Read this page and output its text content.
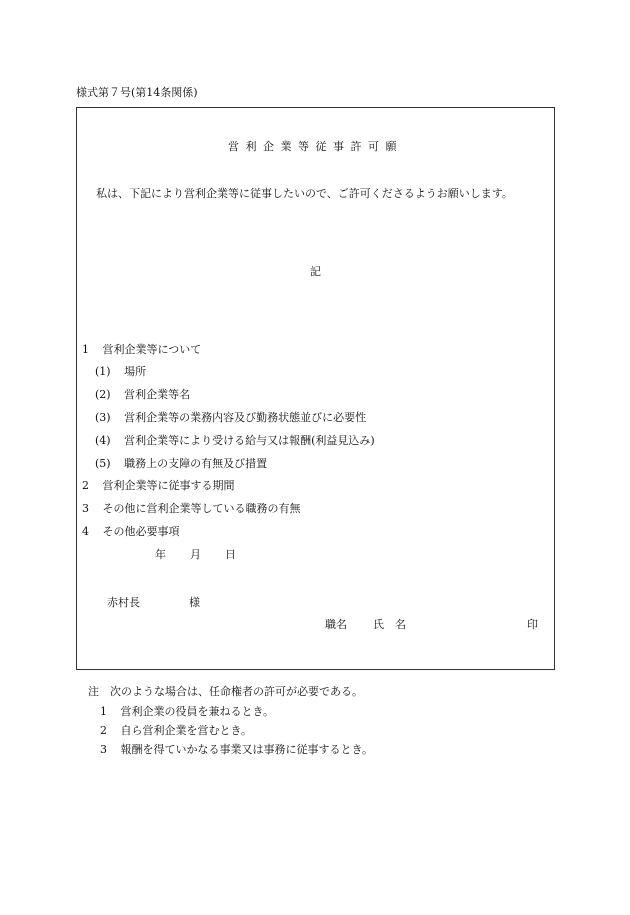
様式第７号(第14条関係)
営利企業等従事許可願
私は、下記により営利企業等に従事したいので、ご許可くださるようお願いします。
記
1 営利企業等について
(1) 場所
(2) 営利企業等名
(3) 営利企業等の業務内容及び勤務状態並びに必要性
(4) 営利企業等により受ける給与又は報酬(利益見込み)
(5) 職務上の支障の有無及び措置
2 営利企業等に従事する期間
3 その他に営利企業等している職務の有無
4 その他必要事項
年 月 日
赤村長	様
職名 氏　名	印
注　次のような場合は、任命権者の許可が必要である。
1 営利企業の役員を兼ねるとき。
2 自ら営利企業を営むとき。
3 報酬を得ていかなる事業又は事務に従事するとき。
